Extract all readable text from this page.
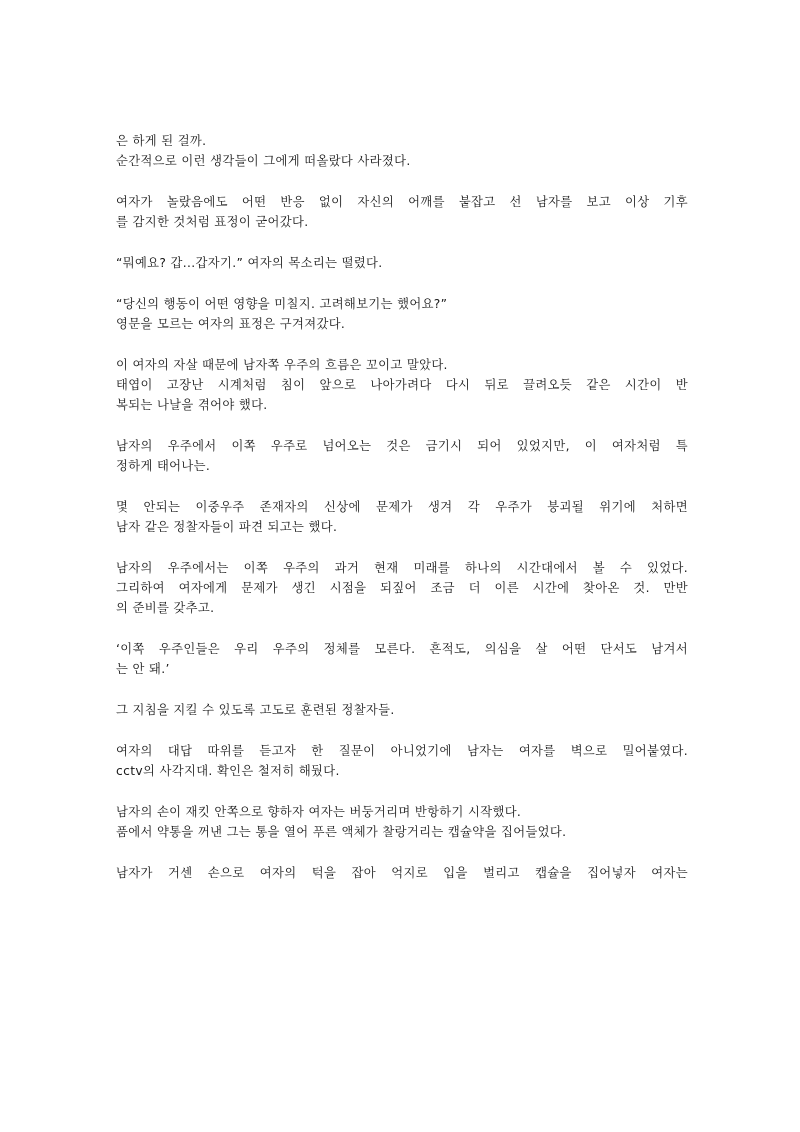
은 하게 된 걸까.
순간적으로 이런 생각들이 그에게 떠올랐다 사라졌다.
여자가 놀랐음에도 어떤 반응 없이 자신의 어깨를 붙잡고 선 남자를 보고 이상 기후
를 감지한 것처럼 표정이 굳어갔다.
“뭐예요? 갑...갑자기.” 여자의 목소리는 떨렸다.
“당신의 행동이 어떤 영향을 미칠지. 고려해보기는 했어요?”
영문을 모르는 여자의 표정은 구겨져갔다.
이 여자의 자살 때문에 남자쪽 우주의 흐름은 꼬이고 말았다.
태엽이 고장난 시계처럼 침이 앞으로 나아가려다 다시 뒤로 끌려오듯 같은 시간이 반
복되는 나날을 겪어야 했다.
남자의 우주에서 이쪽 우주로 넘어오는 것은 금기시 되어 있었지만, 이 여자처럼 특
정하게 태어나는.
몇 안되는 이중우주 존재자의 신상에 문제가 생겨 각 우주가 붕괴될 위기에 처하면
남자 같은 정찰자들이 파견 되고는 했다.
남자의 우주에서는 이쪽 우주의 과거 현재 미래를 하나의 시간대에서 볼 수 있었다.
그리하여 여자에게 문제가 생긴 시점을 되짚어 조금 더 이른 시간에 찾아온 것. 만반
의 준비를 갖추고.
‘이쪽 우주인들은 우리 우주의 정체를 모른다. 흔적도, 의심을 살 어떤 단서도 남겨서
는 안 돼.’
그 지침을 지킬 수 있도록 고도로 훈련된 정찰자들.
여자의 대답 따위를 듣고자 한 질문이 아니었기에 남자는 여자를 벽으로 밀어붙였다.
cctv의 사각지대. 확인은 철저히 해뒀다.
남자의 손이 재킷 안쪽으로 향하자 여자는 버둥거리며 반항하기 시작했다.
품에서 약통을 꺼낸 그는 통을 열어 푸른 액체가 찰랑거리는 캡슐약을 집어들었다.
남자가 거센 손으로 여자의 턱을 잡아 억지로 입을 벌리고 캡슐을 집어넣자 여자는
